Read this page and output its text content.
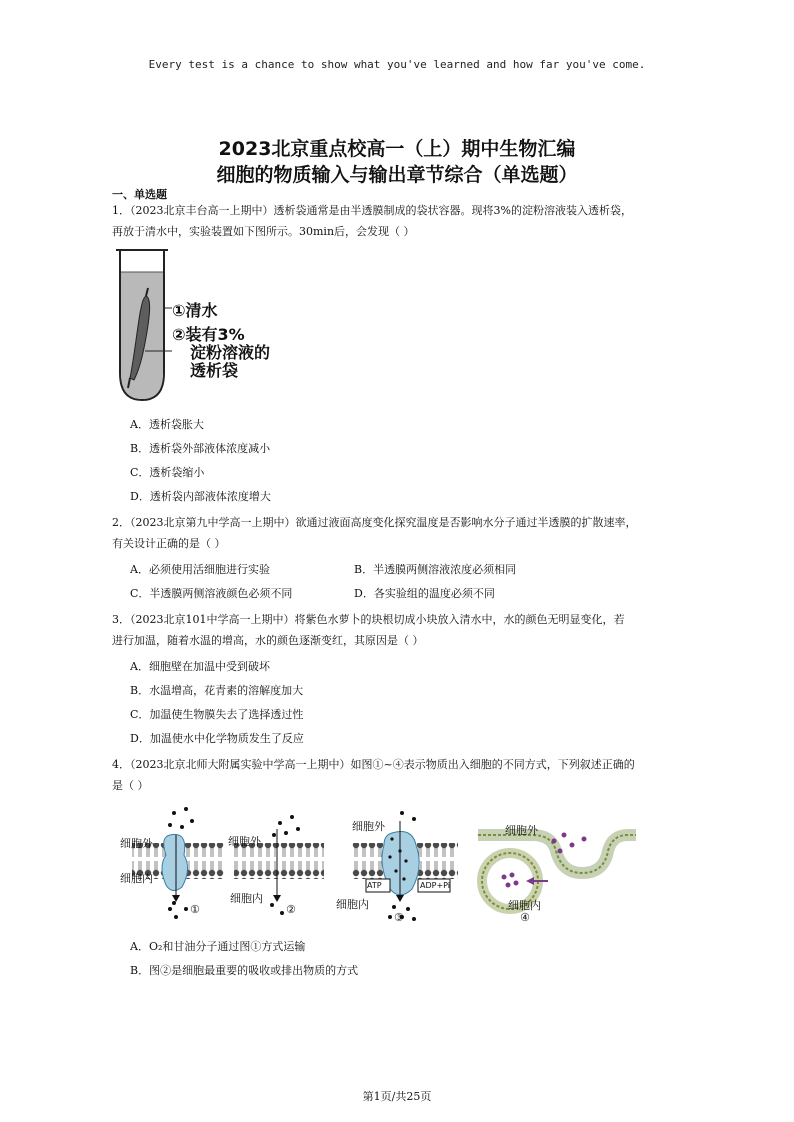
Every test is a chance to show what you've learned and how far you've come.
2023北京重点校高一（上）期中生物汇编
细胞的物质输入与输出章节综合（单选题）
一、单选题
1．（2023北京丰台高一上期中）透析袋通常是由半透膜制成的袋状容器。现将3%的淀粉溶液装入透析袋，
再放于清水中，实验装置如下图所示。30min后，会发现（ ）
①清水
②装有3%
淀粉溶液的
透析袋
A．透析袋胀大
B．透析袋外部液体浓度减小
C．透析袋缩小
D．透析袋内部液体浓度增大
2．（2023北京第九中学高一上期中）欲通过液面高度变化探究温度是否影响水分子通过半透膜的扩散速率，
有关设计正确的是（ ）
A．必须使用活细胞进行实验	B．半透膜两侧溶液浓度必须相同
C．半透膜两侧溶液颜色必须不同	D．各实验组的温度必须不同
3．（2023北京101中学高一上期中）将紫色水萝卜的块根切成小块放入清水中，水的颜色无明显变化，若
进行加温，随着水温的增高，水的颜色逐渐变红，其原因是（ ）
A．细胞壁在加温中受到破坏
B．水温增高，花青素的溶解度加大
C．加温使生物膜失去了选择透过性
D．加温使水中化学物质发生了反应
4．（2023北京北师大附属实验中学高一上期中）如图①~④表示物质出入细胞的不同方式，下列叙述正确的
是（ ）
细胞外
细胞内
①
细胞外
细胞内
②
细胞外
细胞内
③
ATP	ADP+Pi
细胞外
细胞内
④
A．O₂和甘油分子通过图①方式运输
B．图②是细胞最重要的吸收或排出物质的方式
第1页/共25页
